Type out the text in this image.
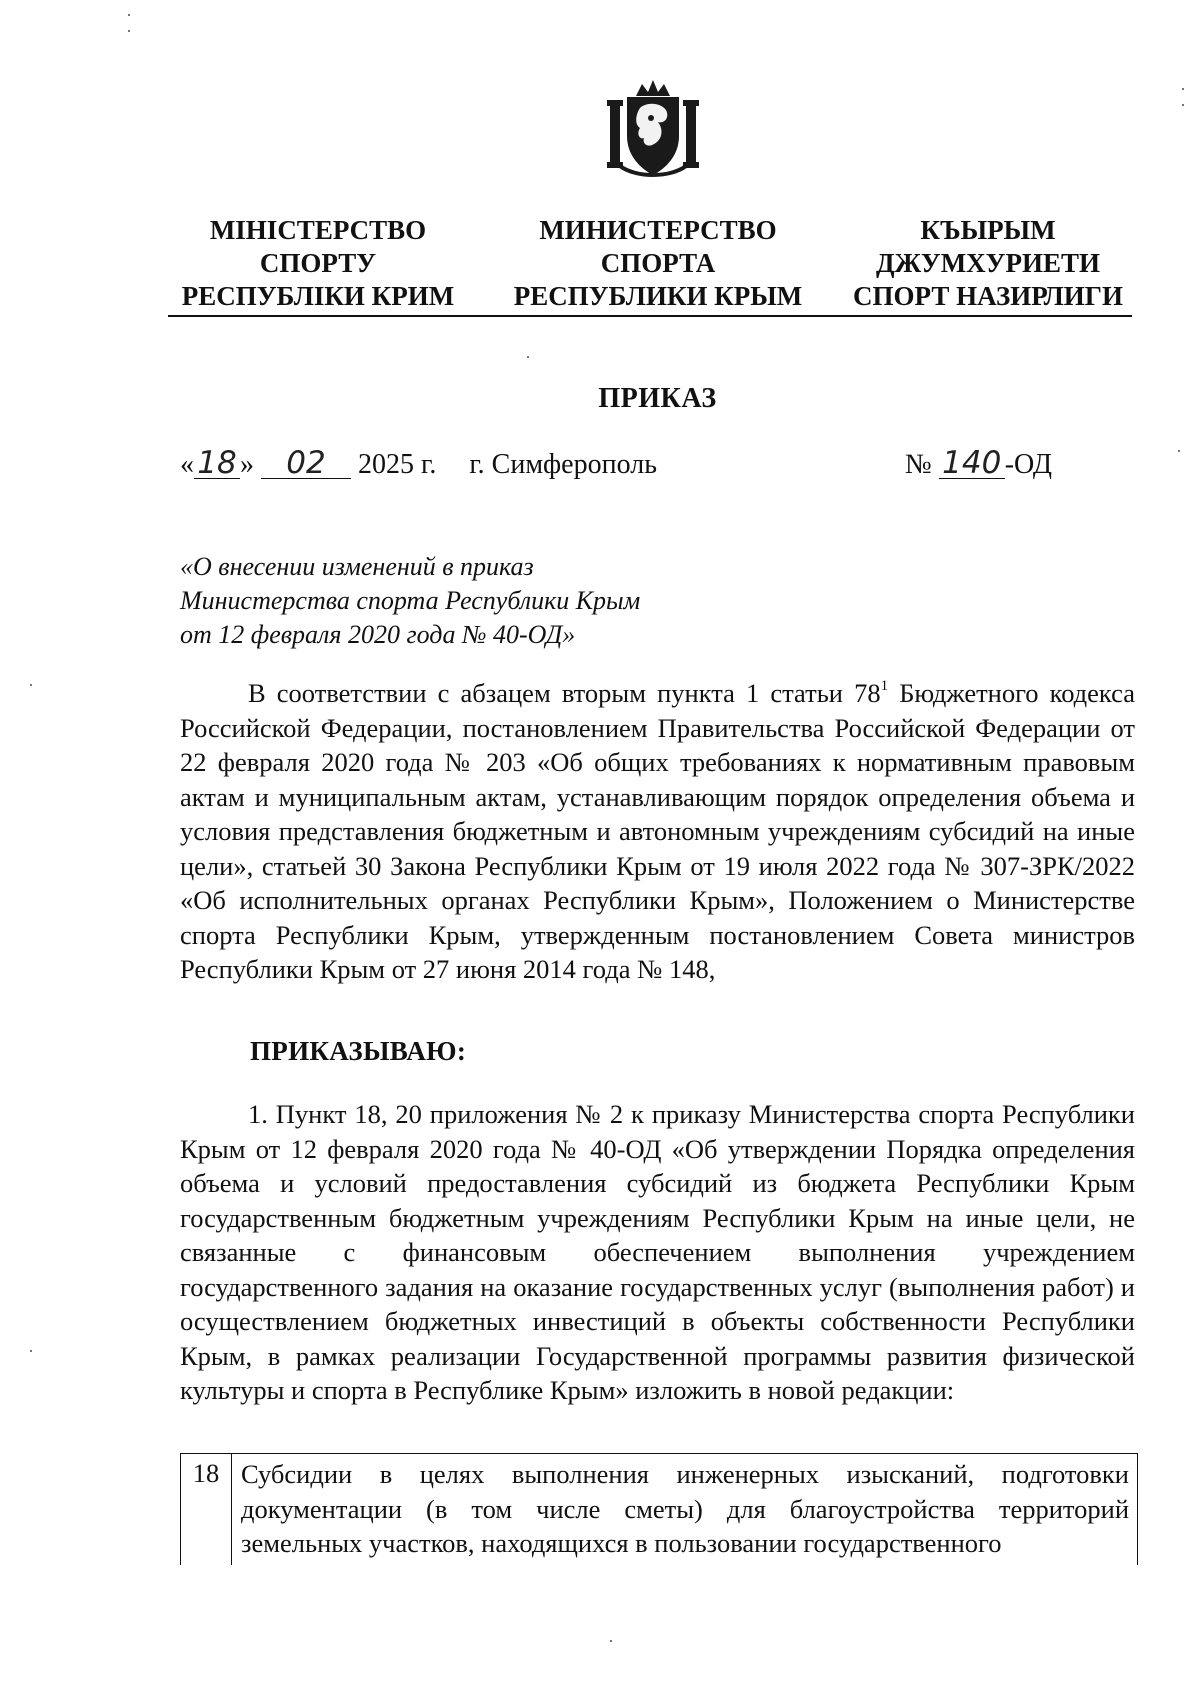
МІНІСТЕРСТВО
СПОРТУ
РЕСПУБЛІКИ КРИМ
МИНИСТЕРСТВО
СПОРТА
РЕСПУБЛИКИ КРЫМ
КЪЫРЫМ
ДЖУМХУРИЕТИ
СПОРТ НАЗИРЛИГИ
ПРИКАЗ
« 18 » 02 2025 г. г. Симферополь	№ 140 -ОД
«О внесении изменений в приказ
Министерства спорта Республики Крым
от 12 февраля 2020 года № 40-ОД»
В соответствии с абзацем вторым пункта 1 статьи $78^1$ Бюджетного кодекса Российской Федерации, постановлением Правительства Российской Федерации от 22 февраля 2020 года № 203 «Об общих требованиях к нормативным правовым актам и муниципальным актам, устанавливающим порядок определения объема и условия представления бюджетным и автономным учреждениям субсидий на иные цели», статьей 30 Закона Республики Крым от 19 июля 2022 года № 307-ЗРК/2022 «Об исполнительных органах Республики Крым», Положением о Министерстве спорта Республики Крым, утвержденным постановлением Совета министров Республики Крым от 27 июня 2014 года № 148,
ПРИКАЗЫВАЮ:
1. Пункт 18, 20 приложения № 2 к приказу Министерства спорта Республики Крым от 12 февраля 2020 года № 40-ОД «Об утверждении Порядка определения объема и условий предоставления субсидий из бюджета Республики Крым государственным бюджетным учреждениям Республики Крым на иные цели, не связанные с финансовым обеспечением выполнения учреждением государственного задания на оказание государственных услуг (выполнения работ) и осуществлением бюджетных инвестиций в объекты собственности Республики Крым, в рамках реализации Государственной программы развития физической культуры и спорта в Республике Крым» изложить в новой редакции:
18 Субсидии в целях выполнения инженерных изысканий, подготовки документации (в том числе сметы) для благоустройства территорий земельных участков, находящихся в пользовании государственного
